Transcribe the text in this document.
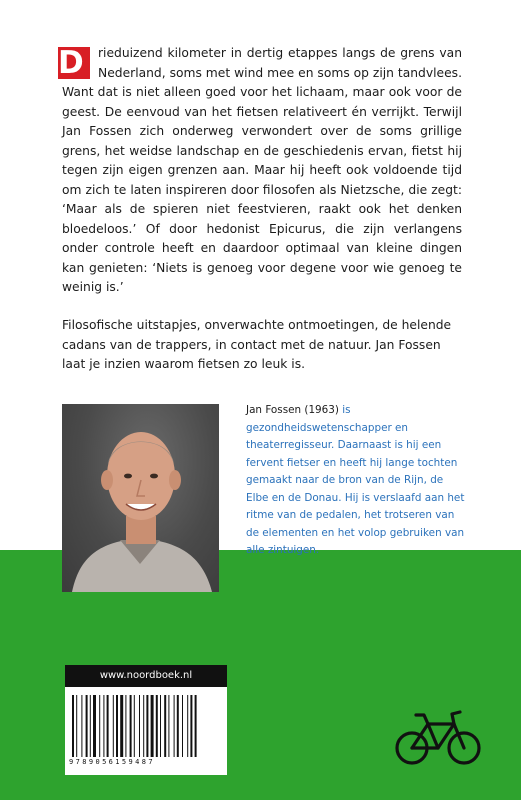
D	rieduizend kilometer in dertig etappes langs de grens van Nederland, soms met wind mee en soms op zijn tandvlees. Want dat is niet alleen goed voor het lichaam, maar ook voor de geest. De eenvoud van het fietsen relativeert én verrijkt. Terwijl Jan Fossen zich onderweg verwondert over de soms grillige grens, het weidse landschap en de geschiedenis ervan, fietst hij tegen zijn eigen grenzen aan. Maar hij heeft ook voldoende tijd om zich te laten inspireren door filosofen als Nietzsche, die zegt: ‘Maar als de spieren niet feestvieren, raakt ook het denken bloedeloos.’ Of door hedonist Epicurus, die zijn verlangens onder controle heeft en daardoor optimaal van kleine dingen kan genieten: ‘Niets is genoeg voor degene voor wie genoeg te weinig is.’

Filosofische uitstapjes, onverwachte ontmoetingen, de helende cadans van de trappers, in contact met de natuur. Jan Fossen laat je inzien waarom fietsen zo leuk is.

Jan Fossen (1963) is gezondheidswetenschapper en theaterregisseur. Daarnaast is hij een fervent fietser en heeft hij lange tochten gemaakt naar de bron van de Rijn, de Elbe en de Donau. Hij is verslaafd aan het ritme van de pedalen, het trotseren van de elementen en het volop gebruiken van alle zintuigen.

www.noordboek.nl
9789056159487
